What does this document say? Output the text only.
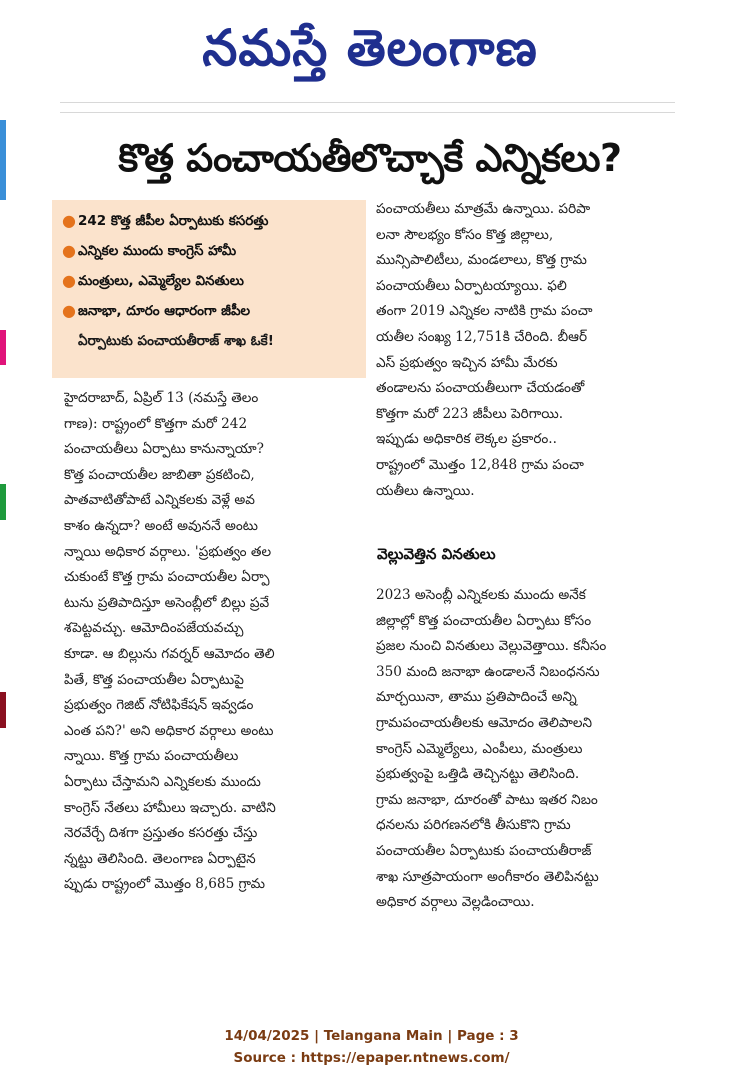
నమస్తే తెలంగాణ
కొత్త పంచాయతీలొచ్చాకే ఎన్నికలు?
● 242 కొత్త జీపీల ఏర్పాటుకు కసరత్తు
● ఎన్నికల ముందు కాంగ్రెస్ హామీ
● మంత్రులు, ఎమ్మెల్యేల వినతులు
● జనాభా, దూరం ఆధారంగా జీపీల
ఏర్పాటుకు పంచాయతీరాజ్ శాఖ ఓకే!
హైదరాబాద్, ఏప్రిల్ 13 (నమస్తే తెలం
గాణ): రాష్ట్రంలో కొత్తగా మరో 242
పంచాయతీలు ఏర్పాటు కానున్నాయా?
కొత్త పంచాయతీల జాబితా ప్రకటించి,
పాతవాటితోపాటే ఎన్నికలకు వెళ్లే అవ
కాశం ఉన్నదా? అంటే అవుననే అంటు
న్నాయి అధికార వర్గాలు. 'ప్రభుత్వం తల
చుకుంటే కొత్త గ్రామ పంచాయతీల ఏర్పా
టును ప్రతిపాదిస్తూ అసెంబ్లీలో బిల్లు ప్రవే
శపెట్టవచ్చు. ఆమోదింపజేయవచ్చు
కూడా. ఆ బిల్లును గవర్నర్ ఆమోదం తెలి
పితే, కొత్త పంచాయతీల ఏర్పాటుపై
ప్రభుత్వం గెజిట్ నోటిఫికేషన్ ఇవ్వడం
ఎంత పని?' అని అధికార వర్గాలు అంటు
న్నాయి. కొత్త గ్రామ పంచాయతీలు
ఏర్పాటు చేస్తామని ఎన్నికలకు ముందు
కాంగ్రెస్ నేతలు హామీలు ఇచ్చారు. వాటిని
నెరవేర్చే దిశగా ప్రస్తుతం కసరత్తు చేస్తు
న్నట్టు తెలిసింది. తెలంగాణ ఏర్పాటైన
ప్పుడు రాష్ట్రంలో మొత్తం 8,685 గ్రామ
పంచాయతీలు మాత్రమే ఉన్నాయి. పరిపా
లనా సౌలభ్యం కోసం కొత్త జిల్లాలు,
మున్సిపాలిటీలు, మండలాలు, కొత్త గ్రామ
పంచాయతీలు ఏర్పాటయ్యాయి. ఫలి
తంగా 2019 ఎన్నికల నాటికి గ్రామ పంచా
యతీల సంఖ్య 12,751కి చేరింది. బీఆర్
ఎస్ ప్రభుత్వం ఇచ్చిన హామీ మేరకు
తండాలను పంచాయతీలుగా చేయడంతో
కొత్తగా మరో 223 జీపీలు పెరిగాయి.
ఇప్పుడు అధికారిక లెక్కల ప్రకారం..
రాష్ట్రంలో మొత్తం 12,848 గ్రామ పంచా
యతీలు ఉన్నాయి.
వెల్లువెత్తిన వినతులు
2023 అసెంబ్లీ ఎన్నికలకు ముందు అనేక
జిల్లాల్లో కొత్త పంచాయతీల ఏర్పాటు కోసం
ప్రజల నుంచి వినతులు వెల్లువెత్తాయి. కనీసం
350 మంది జనాభా ఉండాలనే నిబంధనను
మార్చయినా, తాము ప్రతిపాదించే అన్ని
గ్రామపంచాయతీలకు ఆమోదం తెలిపాలని
కాంగ్రెస్ ఎమ్మెల్యేలు, ఎంపీలు, మంత్రులు
ప్రభుత్వంపై ఒత్తిడి తెచ్చినట్టు తెలిసింది.
గ్రామ జనాభా, దూరంతో పాటు ఇతర నిబం
ధనలను పరిగణనలోకి తీసుకొని గ్రామ
పంచాయతీల ఏర్పాటుకు పంచాయతీరాజ్
శాఖ సూత్రపాయంగా అంగీకారం తెలిపినట్టు
అధికార వర్గాలు వెల్లడించాయి.
14/04/2025 | Telangana Main | Page : 3
Source : https://epaper.ntnews.com/
